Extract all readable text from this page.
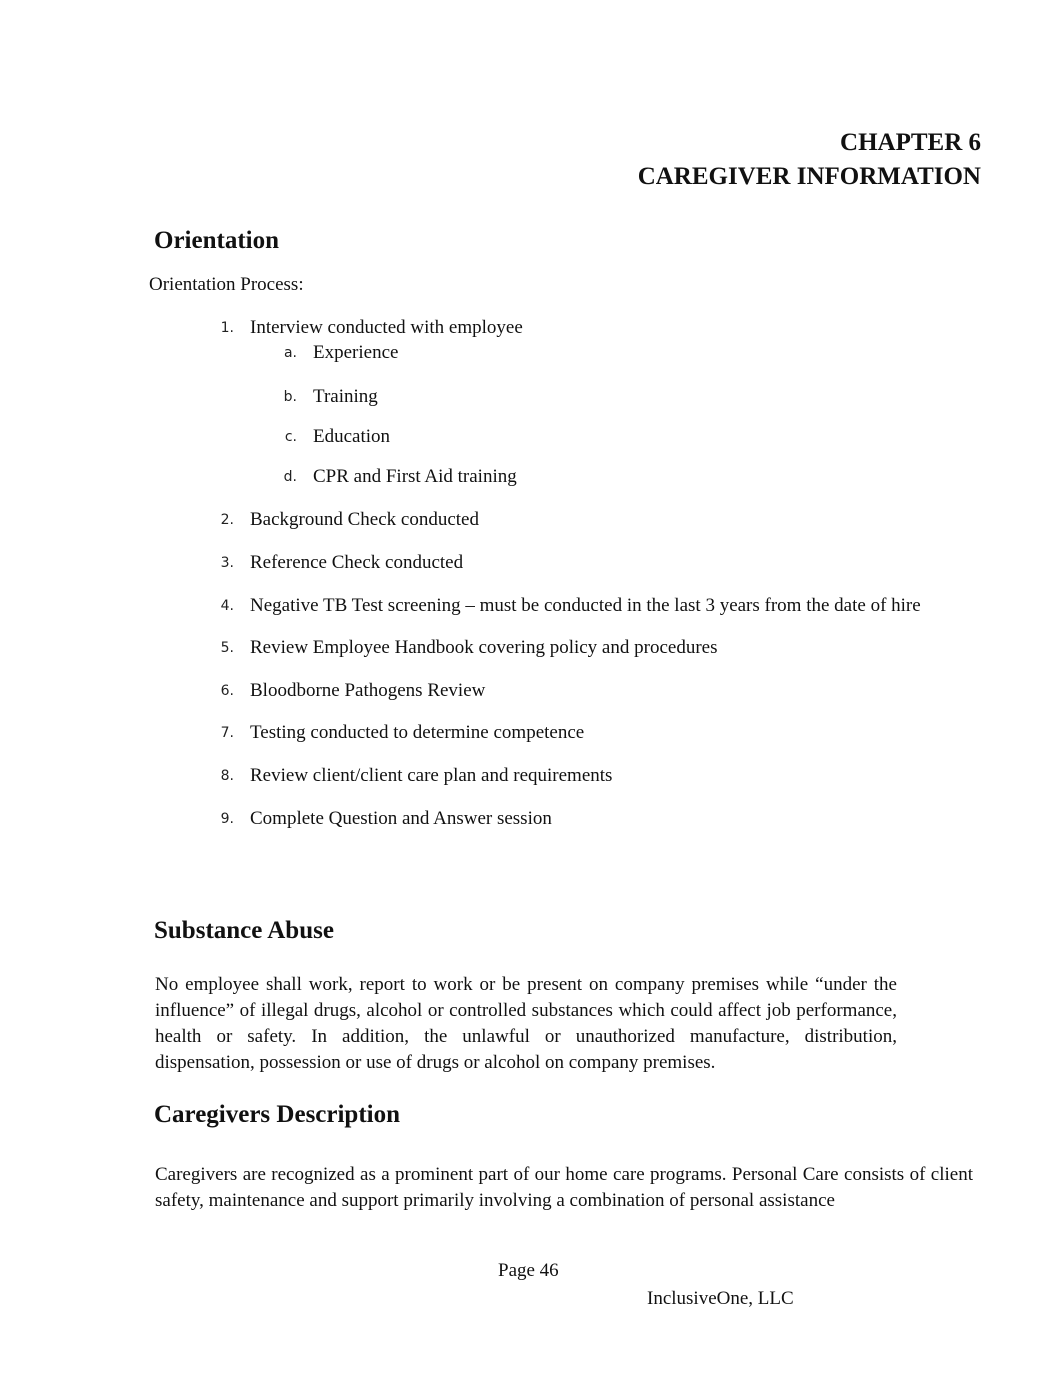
CHAPTER 6
CAREGIVER INFORMATION
Orientation
Orientation Process:
1. Interview conducted with employee
a. Experience
b. Training
c. Education
d. CPR and First Aid training
2. Background Check conducted
3. Reference Check conducted
4. Negative TB Test screening – must be conducted in the last 3 years from the date of hire
5. Review Employee Handbook covering policy and procedures
6. Bloodborne Pathogens Review
7. Testing conducted to determine competence
8. Review client/client care plan and requirements
9. Complete Question and Answer session
Substance Abuse

No employee shall work, report to work or be present on company premises while “under the influence” of illegal drugs, alcohol or controlled substances which could affect job performance, health or safety. In addition, the unlawful or unauthorized manufacture, distribution, dispensation, possession or use of drugs or alcohol on company premises.

Caregivers Description

Caregivers are recognized as a prominent part of our home care programs. Personal Care consists of client safety, maintenance and support primarily involving a combination of personal assistance

Page 46
InclusiveOne, LLC
